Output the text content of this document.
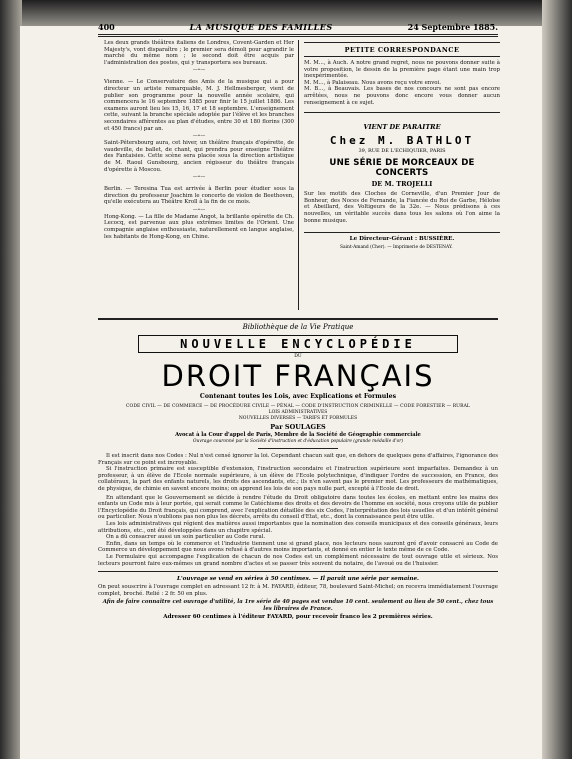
400	LA MUSIQUE DES FAMILLES	24 Septembre 1885.

Les deux grands théâtres italiens de Londres, Covent-Garden et Her Majesty's, vont disparaître ; le premier sera démoli pour agrandir le marché du même nom ; le second doit être acquis par l'administration des postes, qui y transportera ses bureaux.

—∘—

Vienne. — Le Conservatoire des Amis de la musique qui a pour directeur un artiste remarquable, M. J. Hellmesberger, vient de publier son programme pour la nouvelle année scolaire, qui commencera le 16 septembre 1885 pour finir le 15 juillet 1886. Les examens auront lieu les 15, 16, 17 et 18 septembre. L'enseignement cette, suivant la branche spéciale adoptée par l'élève et les branches secondaires afférentes au plan d'études, entre 30 et 180 florins (300 et 450 francs) par an.

—∘—

Saint-Pétersbourg aura, cet hiver, un théâtre français d'opérette, de vaudeville, de ballet, de chant, qui prendra pour enseigne Théâtre des Fantaisies. Cette scène sera placée sous la direction artistique de M. Raoul Gunsbourg, ancien régisseur du théâtre français d'opérette à Moscou.

—∘—

Berlin. — Teresina Tua est arrivée à Berlin pour étudier sous la direction du professeur Joachim le concerto de violon de Beethoven, qu'elle exécutera au Théâtre Kroll à la fin de ce mois.

—∘—

Hong-Kong. — La fille de Madame Angot, la brillante opérette de Ch. Lecocq, est parvenue aux plus extrêmes limites de l'Orient. Une compagnie anglaise enthousiaste, naturellement en langue anglaise, les habitants de Hong-Kong, en Chine.

PETITE CORRESPONDANCE

M. M..., à Auch. A notre grand regret, nous ne pouvons donner suite à votre proposition, le dessin de la première page étant une main trop inexpérimentée.

M. M..., à Palaiseau. Nous avons reçu votre envoi.

M. B..., à Beauvais. Les bases de nos concours ne sont pas encore arrêtées, nous ne pouvons donc encore vous donner aucun renseignement à ce sujet.

VIENT DE PARAITRE
Chez M. BATHLOT
39, RUE DE L'ECHIQUIER, PARIS
UNE SÉRIE DE MORCEAUX DE CONCERTS
DE M. TROJELLI

Sur les motifs des Cloches de Corneville, d'un Premier Jour de Bonheur, des Noces de Fernande, la Fiancée du Roi de Garbe, Héloïse et Abeillard, des Voltigeurs de la 32e. — Nous prédisons à ces nouvelles, un véritable succès dans tous les salons où l'on aime la bonne musique.

Le Directeur-Gérant : BUSSIÈRE.
Saint-Amand (Cher). — Imprimerie de DESTENAY.
Bibliothèque de la Vie Pratique
NOUVELLE ENCYCLOPÉDIE
DU
DROIT FRANÇAIS
Contenant toutes les Lois, avec Explications et Formules
CODE CIVIL — DE COMMERCE — DE PROCÉDURE CIVILE — PÉNAL — CODE D'INSTRUCTION CRIMINELLE — CODE FORESTIER — RURAL
LOIS ADMINISTRATIVES
NOUVELLES DIVERSES — TARIFS ET FORMULES
Par SOULAGES
Avocat à la Cour d'appel de Paris, Membre de la Société de Géographie commerciale
Ouvrage couronné par la Société d'instruction et d'éducation populaire (grande médaille d'or)

Il est inscrit dans nos Codes : Nul n'est censé ignorer la loi. Cependant chacun sait que, en dehors de quelques gens d'affaires, l'ignorance des Français sur ce point est incroyable.

Si l'instruction primaire est susceptible d'extension, l'instruction secondaire et l'instruction supérieure sont imparfaites. Demandez à un professeur, à un élève de l'Ecole normale supérieure, à un élève de l'Ecole polytechnique, d'indiquer l'ordre de succession, en France, des collatéraux, la part des enfants naturels, les droits des ascendants, etc.; ils n'en savent pas le premier mot. Les professeurs de mathématiques, de physique, de chimie en savent encore moins; on apprend les lois de son pays nulle part, excepté à l'Ecole de droit.

En attendant que le Gouvernement se décide à rendre l'étude du Droit obligatoire dans toutes les écoles, en mettant entre les mains des enfants un Code mis à leur portée, qui serait comme le Catéchisme des droits et des devoirs de l'homme en société, nous croyons utile de publier l'Encyclopédie du Droit français, qui comprend, avec l'explication détaillée des six Codes, l'interprétation des lois usuelles et d'un intérêt général ou particulier. Nous n'oublions pas non plus les décrets, arrêts du conseil d'Etat, etc., dont la connaissance peut être utile.

Les lois administratives qui régient des matières aussi importantes que la nomination des conseils municipaux et des conseils généraux, leurs attributions, etc., ont été développées dans un chapitre spécial.

On a dû consacrer aussi un soin particulier au Code rural.

Enfin, dans un temps où le commerce et l'industrie tiennent une si grand place, nos lecteurs nous sauront gré d'avoir consacré au Code de Commerce un développement que nous avons refusé à d'autres moins importants, et donné en entier le texte même de ce Code.

Le Formulaire qui accompagne l'explication de chacun de nos Codes est un complément nécessaire de tout ouvrage utile et sérieux. Nos lecteurs pourront faire eux-mêmes un grand nombre d'actes et se passer très souvent du notaire, de l'avoué ou de l'huissier.

L'ouvrage se vend en séries à 50 centimes. — Il paraît une série par semaine.

On peut souscrire à l'ouvrage complet en adressant 12 fr. à M. FAYARD, éditeur, 78, boulevard Saint-Michel; on recevra immédiatement l'ouvrage complet, broché. Relié : 2 fr. 50 en plus.

Afin de faire connaître cet ouvrage d'utilité, la 1re série de 40 pages est vendue 10 cent. seulement au lieu de 50 cent., chez tous les libraires de France.

Adresser 60 centimes à l'éditeur FAYARD, pour recevoir franco les 2 premières séries.
